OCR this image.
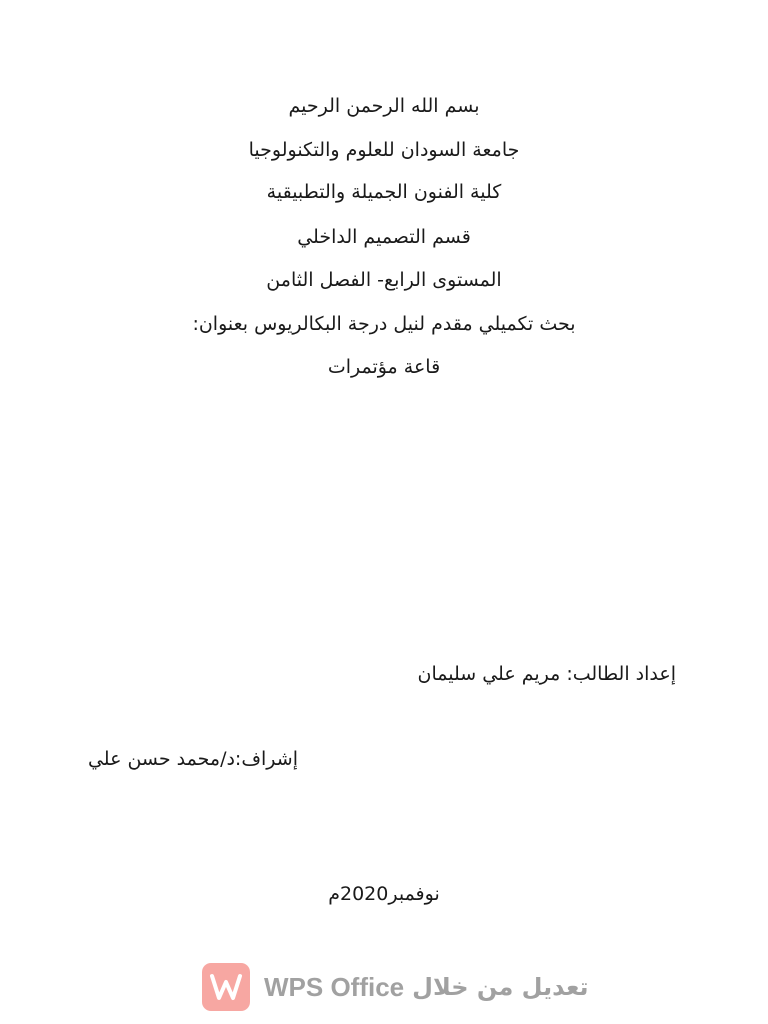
بسم الله الرحمن الرحيم
جامعة السودان للعلوم والتكنولوجيا
كلية الفنون الجميلة والتطبيقية
قسم التصميم الداخلي
المستوى الرابع- الفصل الثامن
بحث تكميلي مقدم لنيل درجة البكالريوس بعنوان:
قاعة مؤتمرات
إعداد الطالب: مريم علي سليمان
إشراف:د/محمد حسن علي
نوفمبر2020م
WPS Office تعديل من خلال
